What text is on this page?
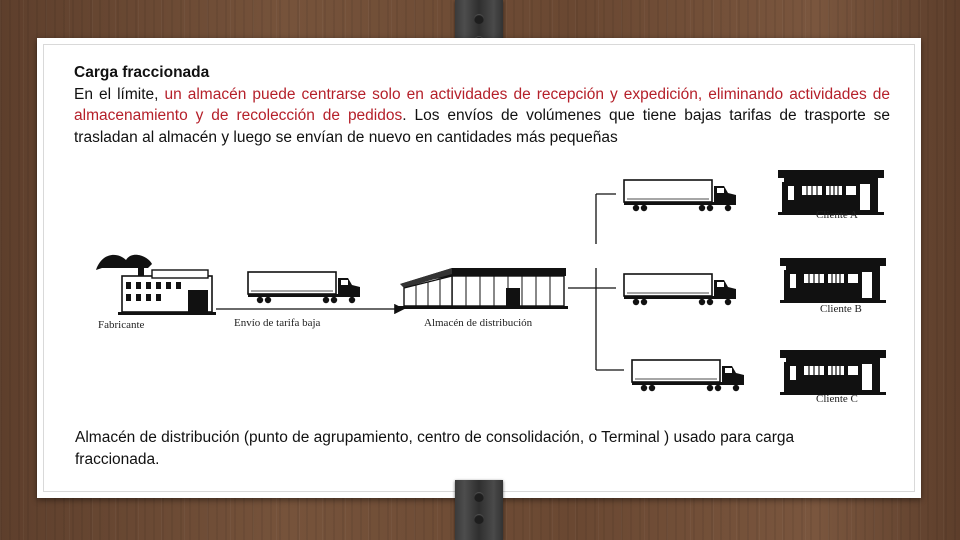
Carga fraccionada
En el límite, un almacén puede centrarse solo en actividades de recepción y expedición, eliminando actividades de almacenamiento y de recolección de pedidos. Los envíos de volúmenes que tiene bajas tarifas de trasporte se trasladan al almacén y luego se envían de nuevo en cantidades más pequeñas
Fabricante	Envío de tarifa baja	Almacén de distribución
Cliente A
Cliente B
Cliente C
Almacén de distribución (punto de agrupamiento, centro de consolidación, o Terminal ) usado para carga fraccionada.
